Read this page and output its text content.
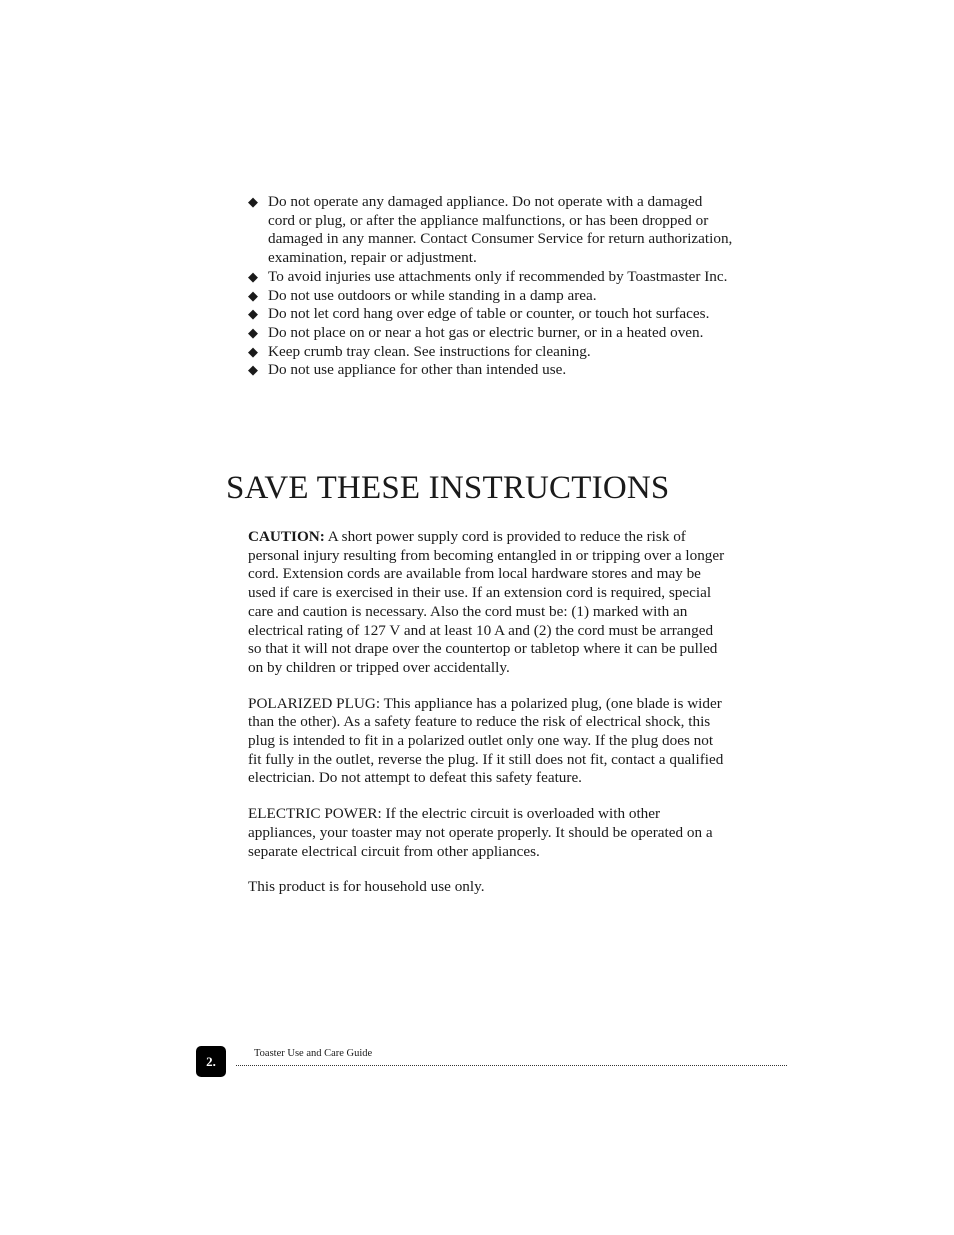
◆ Do not operate any damaged appliance. Do not operate with a damaged cord or plug, or after the appliance malfunctions, or has been dropped or damaged in any manner. Contact Consumer Service for return authorization, examination, repair or adjustment.
◆ To avoid injuries use attachments only if recommended by Toastmaster Inc.
◆ Do not use outdoors or while standing in a damp area.
◆ Do not let cord hang over edge of table or counter, or touch hot surfaces.
◆ Do not place on or near a hot gas or electric burner, or in a heated oven.
◆ Keep crumb tray clean. See instructions for cleaning.
◆ Do not use appliance for other than intended use.
SAVE THESE INSTRUCTIONS

CAUTION: A short power supply cord is provided to reduce the risk of personal injury resulting from becoming entangled in or tripping over a longer cord. Extension cords are available from local hardware stores and may be used if care is exercised in their use. If an extension cord is required, special care and caution is necessary. Also the cord must be: (1) marked with an electrical rating of 127 V and at least 10 A and (2) the cord must be arranged so that it will not drape over the countertop or tabletop where it can be pulled on by children or tripped over accidentally.

POLARIZED PLUG: This appliance has a polarized plug, (one blade is wider than the other). As a safety feature to reduce the risk of electrical shock, this plug is intended to fit in a polarized outlet only one way. If the plug does not fit fully in the outlet, reverse the plug. If it still does not fit, contact a qualified electrician. Do not attempt to defeat this safety feature.

ELECTRIC POWER: If the electric circuit is overloaded with other appliances, your toaster may not operate properly. It should be operated on a separate electrical circuit from other appliances.

This product is for household use only.

2.
Toaster Use and Care Guide
